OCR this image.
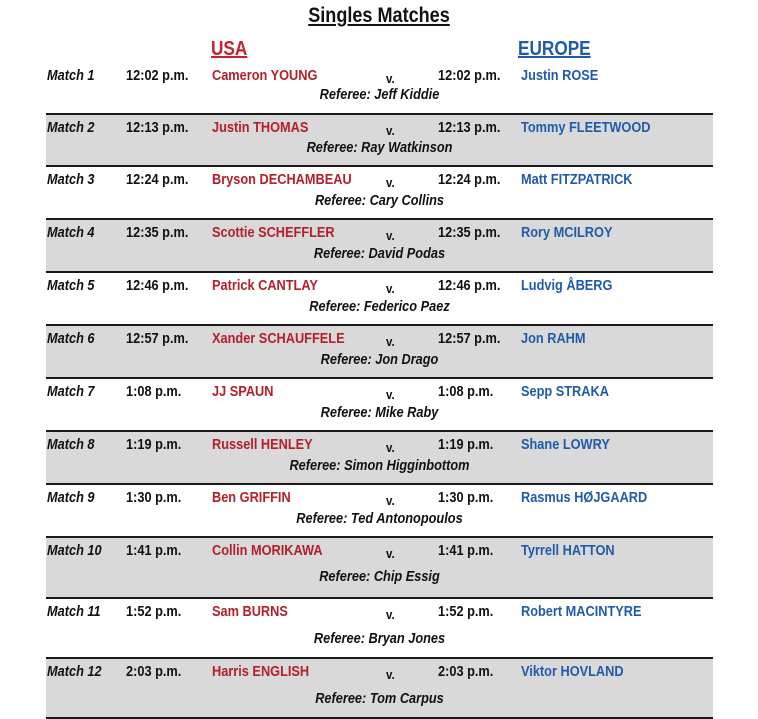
Singles Matches
USA	EUROPE
Match 1 12:02 p.m. Cameron YOUNG	v.	12:02 p.m. Justin ROSE
Referee: Jeff Kiddie
Match 2 12:13 p.m. Justin THOMAS	v.	12:13 p.m. Tommy FLEETWOOD
Referee: Ray Watkinson
Match 3 12:24 p.m. Bryson DECHAMBEAU	v.	12:24 p.m. Matt FITZPATRICK
Referee: Cary Collins
Match 4 12:35 p.m. Scottie SCHEFFLER	v.	12:35 p.m. Rory MCILROY
Referee: David Podas
Match 5 12:46 p.m. Patrick CANTLAY	v.	12:46 p.m. Ludvig ÅBERG
Referee: Federico Paez
Match 6 12:57 p.m. Xander SCHAUFFELE	v.	12:57 p.m. Jon RAHM
Referee: Jon Drago
Match 7 1:08 p.m. JJ SPAUN	v.	1:08 p.m. Sepp STRAKA
Referee: Mike Raby
Match 8 1:19 p.m. Russell HENLEY	v.	1:19 p.m. Shane LOWRY
Referee: Simon Higginbottom
Match 9 1:30 p.m. Ben GRIFFIN	v.	1:30 p.m. Rasmus HØJGAARD
Referee: Ted Antonopoulos
Match 10 1:41 p.m. Collin MORIKAWA	v.	1:41 p.m. Tyrrell HATTON
Referee: Chip Essig
Match 11 1:52 p.m. Sam BURNS	v.	1:52 p.m. Robert MACINTYRE
Referee: Bryan Jones
Match 12 2:03 p.m. Harris ENGLISH	v.	2:03 p.m. Viktor HOVLAND
Referee: Tom Carpus
